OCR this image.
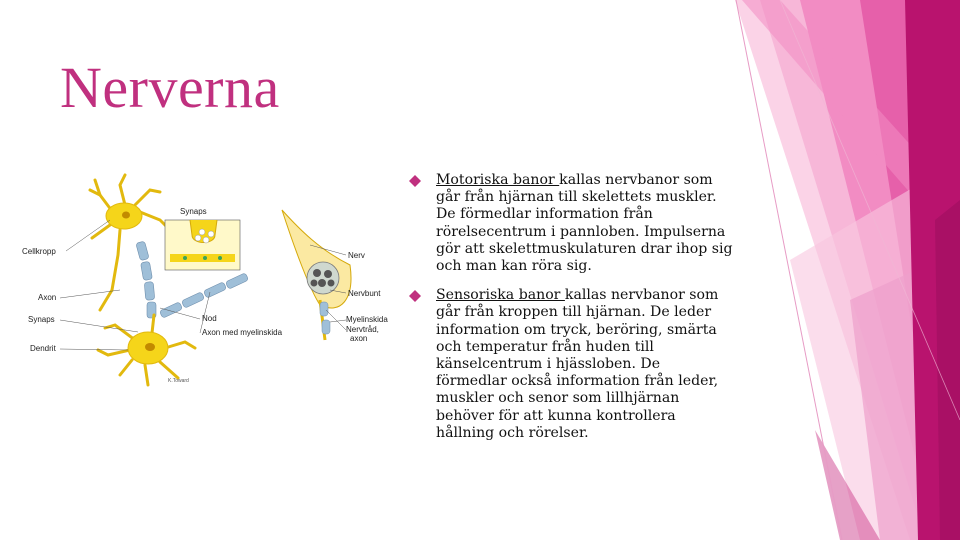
Nerverna
Synaps
Cellkropp
Axon
Synaps
Dendrit
Nod
Axon med myelinskida
Nerv
Nervbunt
Myelinskida
Nervtråd,
axon
K.Toward

Motoriska banor kallas nervbanor som går från hjärnan till skelettets muskler. De förmedlar information från rörelsecentrum i pannloben. Impulserna gör att skelettmuskulaturen drar ihop sig och man kan röra sig.

Sensoriska banor kallas nervbanor som går från kroppen till hjärnan. De leder information om tryck, beröring, smärta och temperatur från huden till känselcentrum i hjässloben. De förmedlar också information från leder, muskler och senor som lillhjärnan behöver för att kunna kontrollera hållning och rörelser.
